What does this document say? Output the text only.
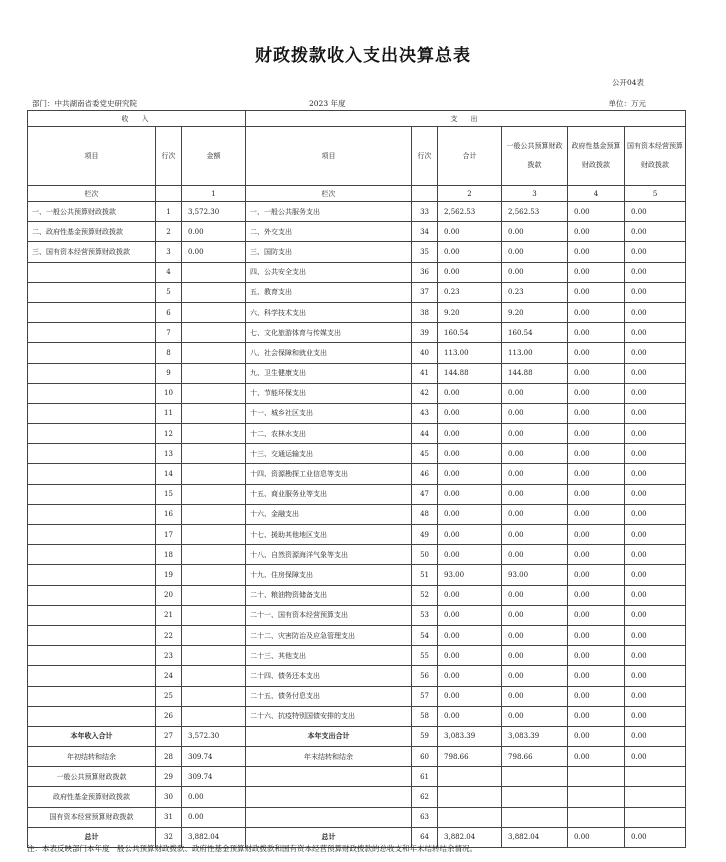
财政拨款收入支出决算总表
公开04表
部门：中共湖南省委党史研究院	2023 年度	单位：万元
收　入			支　出					
项目	行次	金额	项目	行次	合计	一般公共预算财政拨款	政府性基金预算财政拨款	国有资本经营预算财政拨款
栏次		1	栏次		2	3	4	5
一、一般公共预算财政拨款	1	3,572.30	一、一般公共服务支出	33	2,562.53	2,562.53	0.00	0.00
二、政府性基金预算财政拨款	2	0.00	二、外交支出	34	0.00	0.00	0.00	0.00
三、国有资本经营预算财政拨款	3	0.00	三、国防支出	35	0.00	0.00	0.00	0.00
	4		四、公共安全支出	36	0.00	0.00	0.00	0.00
	5		五、教育支出	37	0.23	0.23	0.00	0.00
	6		六、科学技术支出	38	9.20	9.20	0.00	0.00
	7		七、文化旅游体育与传媒支出	39	160.54	160.54	0.00	0.00
	8		八、社会保障和就业支出	40	113.00	113.00	0.00	0.00
	9		九、卫生健康支出	41	144.88	144.88	0.00	0.00
	10		十、节能环保支出	42	0.00	0.00	0.00	0.00
	11		十一、城乡社区支出	43	0.00	0.00	0.00	0.00
	12		十二、农林水支出	44	0.00	0.00	0.00	0.00
	13		十三、交通运输支出	45	0.00	0.00	0.00	0.00
	14		十四、资源勘探工业信息等支出	46	0.00	0.00	0.00	0.00
	15		十五、商业服务业等支出	47	0.00	0.00	0.00	0.00
	16		十六、金融支出	48	0.00	0.00	0.00	0.00
	17		十七、援助其他地区支出	49	0.00	0.00	0.00	0.00
	18		十八、自然资源海洋气象等支出	50	0.00	0.00	0.00	0.00
	19		十九、住房保障支出	51	93.00	93.00	0.00	0.00
	20		二十、粮油物资储备支出	52	0.00	0.00	0.00	0.00
	21		二十一、国有资本经营预算支出	53	0.00	0.00	0.00	0.00
	22		二十二、灾害防治及应急管理支出	54	0.00	0.00	0.00	0.00
	23		二十三、其他支出	55	0.00	0.00	0.00	0.00
	24		二十四、债务还本支出	56	0.00	0.00	0.00	0.00
	25		二十五、债务付息支出	57	0.00	0.00	0.00	0.00
	26		二十六、抗疫特别国债安排的支出	58	0.00	0.00	0.00	0.00
本年收入合计	27	3,572.30	本年支出合计	59	3,083.39	3,083.39	0.00	0.00
年初结转和结余	28	309.74	年末结转和结余	60	798.66	798.66	0.00	0.00
一般公共预算财政拨款	29	309.74		61				
政府性基金预算财政拨款	30	0.00		62				
国有资本经营预算财政拨款	31	0.00		63				
总计	32	3,882.04	总计	64	3,882.04	3,882.04	0.00	0.00
注：本表反映部门本年度一般公共预算财政拨款、政府性基金预算财政拨款和国有资本经营预算财政拨款的总收支和年末结转结余情况。
